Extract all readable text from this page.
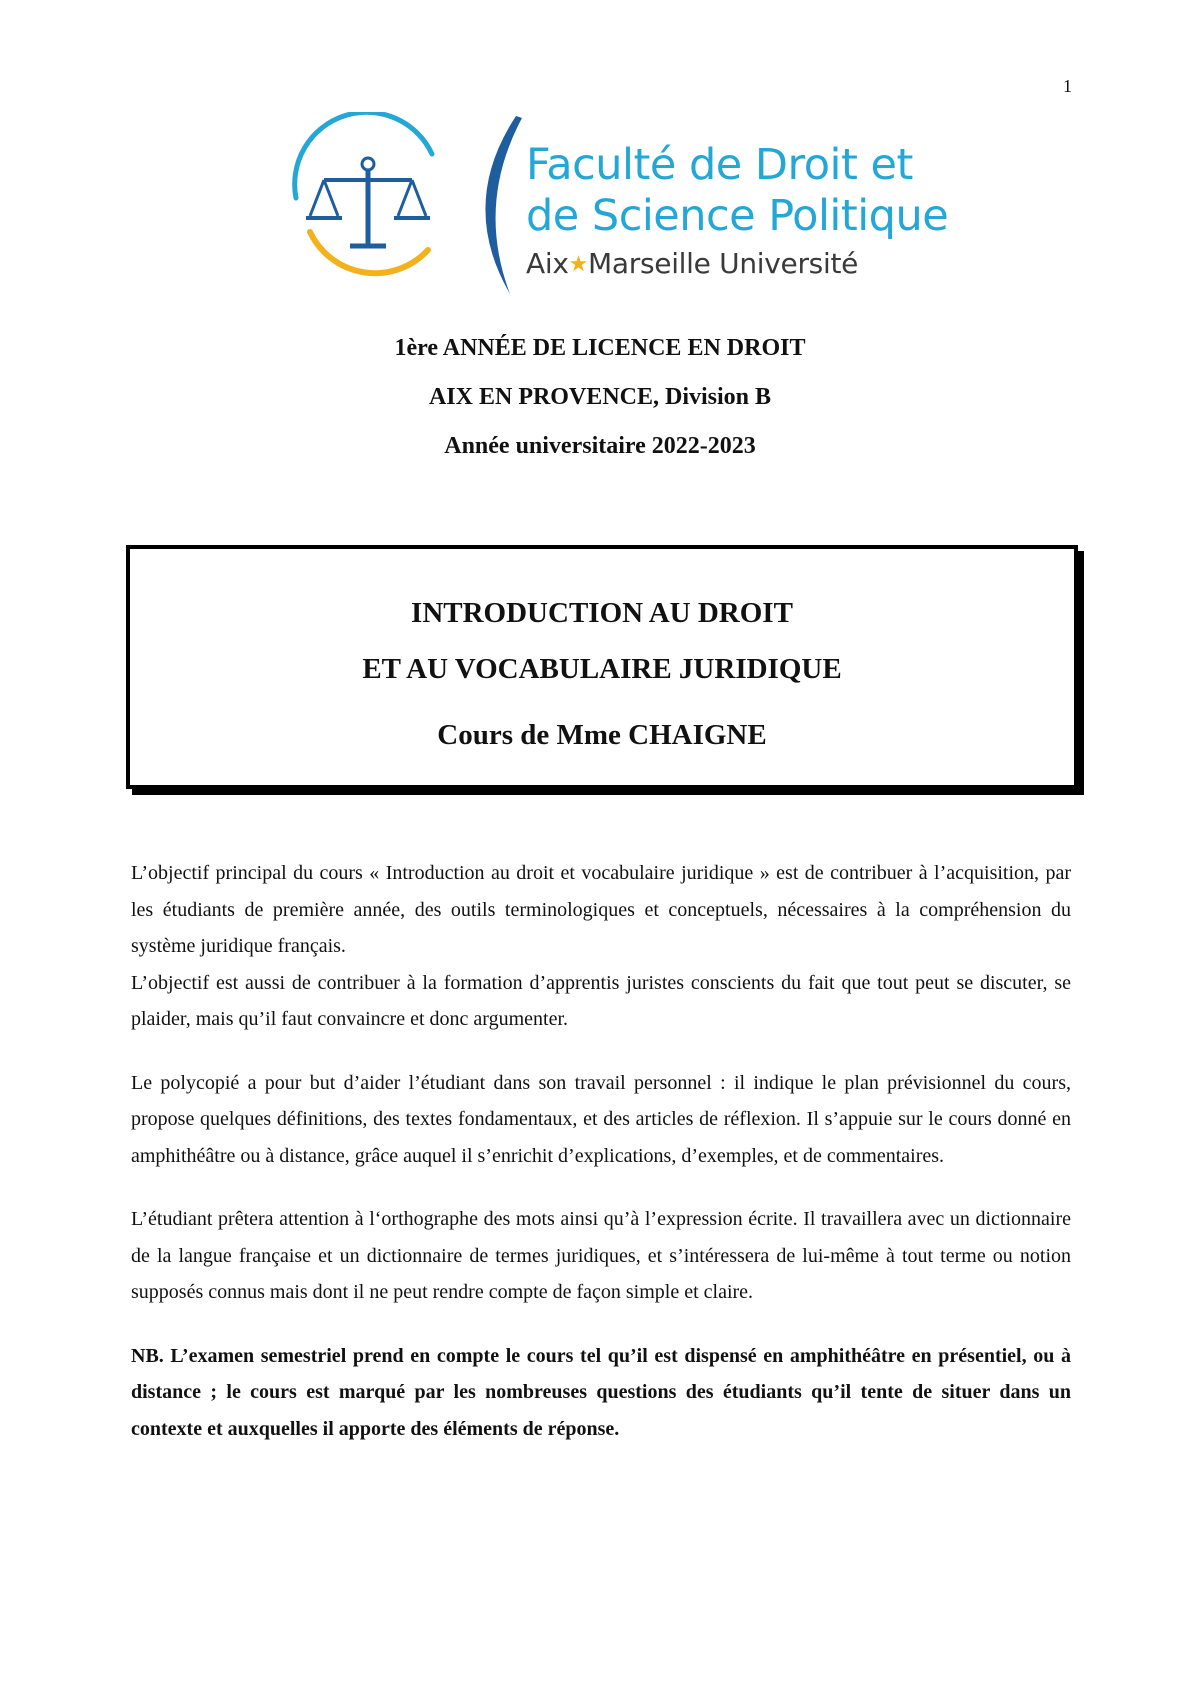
1
Faculté de Droit et
de Science Politique
Aix★Marseille Université
1ère ANNÉE DE LICENCE EN DROIT
AIX EN PROVENCE, Division B
Année universitaire 2022-2023
INTRODUCTION AU DROIT
ET AU VOCABULAIRE JURIDIQUE
Cours de Mme CHAIGNE

L’objectif principal du cours « Introduction au droit et vocabulaire juridique » est de contribuer à l’acquisition, par les étudiants de première année, des outils terminologiques et conceptuels, nécessaires à la compréhension du système juridique français.

L’objectif est aussi de contribuer à la formation d’apprentis juristes conscients du fait que tout peut se discuter, se plaider, mais qu’il faut convaincre et donc argumenter.

Le polycopié a pour but d’aider l’étudiant dans son travail personnel : il indique le plan prévisionnel du cours, propose quelques définitions, des textes fondamentaux, et des articles de réflexion. Il s’appuie sur le cours donné en amphithéâtre ou à distance, grâce auquel il s’enrichit d’explications, d’exemples, et de commentaires.

L’étudiant prêtera attention à l‘orthographe des mots ainsi qu’à l’expression écrite. Il travaillera avec un dictionnaire de la langue française et un dictionnaire de termes juridiques, et s’intéressera de lui-même à tout terme ou notion supposés connus mais dont il ne peut rendre compte de façon simple et claire.

NB. L’examen semestriel prend en compte le cours tel qu’il est dispensé en amphithéâtre en présentiel, ou à distance ; le cours est marqué par les nombreuses questions des étudiants qu’il tente de situer dans un contexte et auxquelles il apporte des éléments de réponse.
